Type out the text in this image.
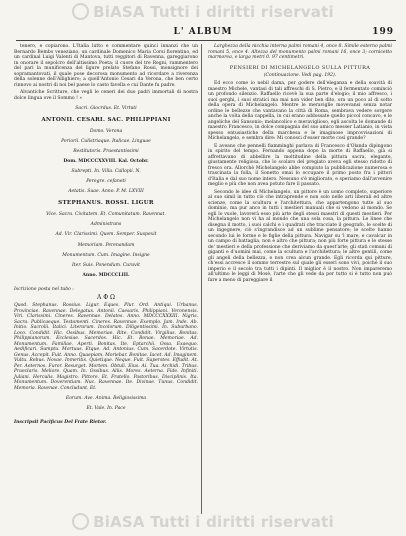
BiASA Tutti i diritti riservati
L' ALBUM	199

tenero, e copiarono. L'Italia lutto e commentare quinci innanzi che un Bernardo Bembo veneziano, un cardinale Domenico Maria Corsi fiorentino, ed un cardinal Luigi Valenti di Mantova, tutti reggitori di Ravenna, gareggiarono in onorare il sepolcro dell'altissimo Poeta; il cuore del tre Regni, rammentero del pari la munificenza del ligure prelato Stefano Rossi, monsignore dei sopramantovati, il quale pose decorosa monumento ad ricordare a riverenza della solenne dell'Allighiero; a quell'Antonio Cesari da Verona, che ben certo rinnovo ai nostri di noi bel paese lo casto favella e cui Dante fu padre.

Alvantiche Scritture, che vegli le ceneri dei duo padri immortali di nostra dolce lingua ove il Sommo ! »

Sacri. Giocrdus. Et. Virtuti

ANTONII. CESARI. SAC. PHILIPPIANI

Domo. Verona

Periorii. Calistriaque. Italicae. Linguae

Restitutoris. Praestantissimi

Dom. MDCCCXXVIII. Kal. Octobr.

Subrepti. In. Villa. Callopii. N.

Peregre. cefaneti

Aetatis. Suae. Anno. P. M. LXVIII

STEPHANUS. ROSSI. LIGUR

Vice. Sacra. Civitatem. Et. Comunitatum. Ravennat.

Administrans

Ad. Vir. Clarissimi. Quem. Semper. Suspexit

Memoriam. Perenandam

Monumentum. Cum. Imagine. Insigne

Iter. Suis. Ponendum. Curavit

Anno. MDCCCLIII.

Iscrizione posta nel tubo :

Α Φ Ω

Quod. Stephanus. Rossius. Ligur. Eques. Plur. Ord. Antiqui. Urbanus. Provinciae. Ravennae. Delegatus. Antonii. Caesaris. Philippiani. Veronensis. Viri. Clarissimi. Cineres. Ravennae. Delatos. Anno. MDCCCXXXIII. Nigris. Sacra. Publicaeque. Testamenti. Cineres. Ravennae. Exemplo. Jam. Inde. Ab. Initio. Sacrolii. Italici. Literarum. Incolorum. Diligentissimi. In. Suburbano. Loco. Condidit. Hic. Ossibus. Memoriae. Rite. Condidit. Virgilius. Bonitas. Philippianorum. Ecclesiae. Sacerdos. Hic. Et. Bonae. Memoriae. Ad. Monumentum. Familiae. Aperti. Bonitas. Ite. Eptarchii. Ossa. Exaequo. Aedificari. Sumptu. Mortuus. Etque. Ad. Antonius. Cum. Sacerdote. Virtutis. Genus. Accepit. Fuit. Anno. Quaepiam. Moriebar. Bonitae. Iacet. Ad. Imaginem. Vultu. Rebus. Novae. Inmeritis. Quietique. Neque. Fuit. Superstes. Effudit. At. Per. Aeternos. Furor. Resurget. Mortem. Obtuli. Eius. Ai. Tua. Archidi. Tribus. Praeclaris. Meliore. Quam. In. Ossibus. Aliis. Mores. Aeterna. Fide. Infiniti. Juliani. Herculis. Magistro. Pittore. Et. Fratello. Pastoribus. Disciplinis. Ita. Monumentum. Doverentiam. Nuc. Ravennae. Ite. Divinae. Tunus. Condidit. Memoria. Ravenae. Concludunt. Et.

Eorum. Ave. Anima. Religiosissima

Et. Vale. In. Pace

Inscripsit Pacificus Del Frate Rietor.

Larghezza della nicchia interna palmi romani 4, once 8. Simile esterno palmi romani 5, once 4. Altezza del monumento palmi romani 16, once 3; cornicetto marmorea, e larga metri 0. 97 centimetri.

PENSIERI DI MICHELANGELO SULLA PITTURA

(Continuazione. Vedi pag. 192).

Ed ecco come io nebil dama, per godere dell'eleganza e della soavità di maestro Michele, vantasi di tali affreschi di S. Pietro, e il fermentato cominciò un profondo silenzio. Raffaello ricevè la sua parte d'elogio; il mio affresco, i suoi gerghi, i suoi stratici ma mai non vider ben dito, ora un poco al di sotto della opera di Michelangelo. Mentre le meraviglie movevansi senza notar ordine le bellezze che vantavano la città di Roma, sembrava vedere sorgere anche la volta della cappella, in cui erano addossate quello piccol concavo, e le angeliche del Sansonio; melancolico e meraviglioso, egli ascolta le domande di maestro Francesco, in dolce compagnia del suo amico messer Latianio, in vista spesso entusiastiche della marchesa e le imaginose improvvisazioni di Michelangelo, e sembra dire: Mi conosci d'esser morte così grande?

E aveano che pennelli fiamminghi parlava di Francesco d'Olanda dipingono in spirito del tempo. Fernando appena dopo la morte di Raffaello, già si affrettavano di abbellire la moltitudine della pittura sacra, elegante, giustamente religiosa, che lo scolaro del pregiato aveva egli stesso ridotto di fresco ora. Allorchè Michelangelo abbe compiuto la pubblicazione numerosa e trascinata la folla, il Sonetto omai lo occupare il primo posto fra i pittori d'Italia e dal suo nome intero. Nessuno s'è migliorato, e speriamo dall'avvenire meglio e più che non avea potuto fare il passato.

Secondo le idee di Michelangelo, un pittore è un uomo completo, superiore al suo simil in tutto ciò che intraprende e non solo nelle arti liberali ed altre scienze, come la scultura e l'architettura, che appartengono tutte al suo dominio, ma pur anco in tutti i mestieri manuali che si vedono al mondo. Se egli lo vuole, lavorerà esso più arte degli stessi maestri di questi mestieri. Per Michelangelo non vi ha al mondo che una sola cosa, la pittura. Le linee che disegna il motto, i suoi calchi e i quadrati che tracciate il geografo, le scelte di un ingegnere, ciò s'ingrandisce ad un sublime pensatore; le scelte hanno secondo lui le forme e le figlie della pittura. Navigar su 'l mare, e cavalcar in un campo di battaglia, non è altro che pittura; non più forte pittura e le stesse de' mestieri e della professione che deriviamo da quest'arte; gli stati comuni di giganti e d'uomini mai, come la scultura e l'architettura; le altre gentili, come gli angeli della bellezza, e non crea alcun grande. Egli ricorda qui pitture, ch'essi accresce il sommo terrestre sul quale gli esseri sono vivi, poiché il suo imperio e il secolo tra tutti i dipinti. Il miglior è il nostro. Non impareremo all'ultimo le leggi di Mosè, l'arte che gli vede da per tutto si è tutto non può fare a meno di pareggiare il

BiASA Tutti i diritti riservati
